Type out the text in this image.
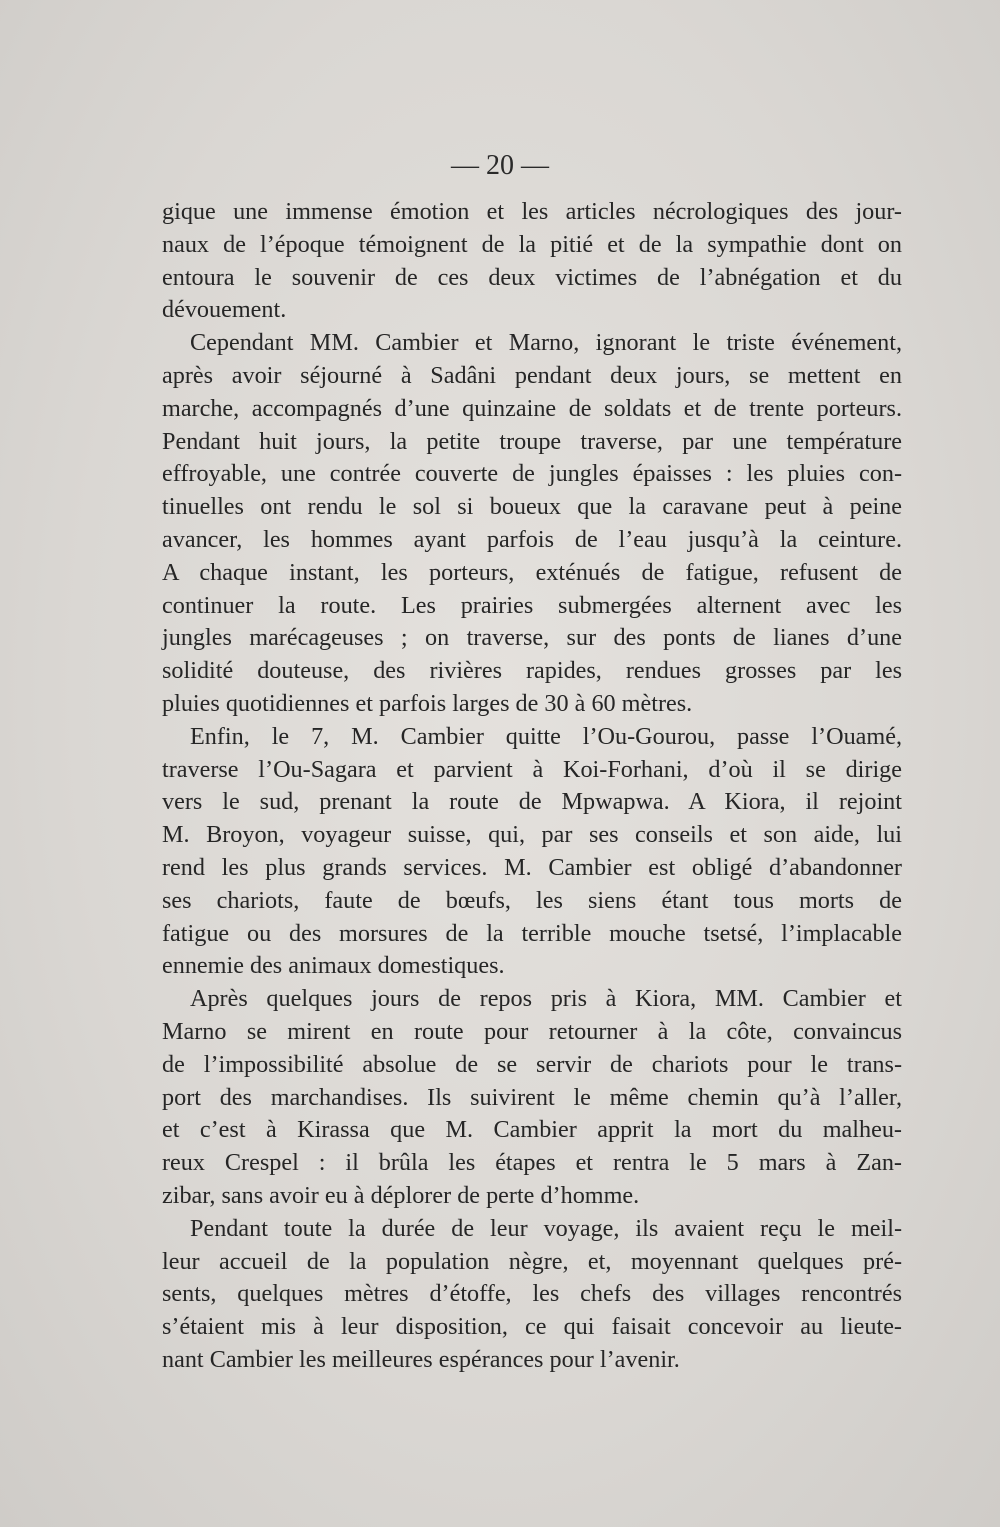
— 20 —
gique une immense émotion et les articles nécrologiques des jour-
naux de l’époque témoignent de la pitié et de la sympathie dont on
entoura le souvenir de ces deux victimes de l’abnégation et du
dévouement.
Cependant MM. Cambier et Marno, ignorant le triste événement,
après avoir séjourné à Sadâni pendant deux jours, se mettent en
marche, accompagnés d’une quinzaine de soldats et de trente porteurs.
Pendant huit jours, la petite troupe traverse, par une température
effroyable, une contrée couverte de jungles épaisses : les pluies con-
tinuelles ont rendu le sol si boueux que la caravane peut à peine
avancer, les hommes ayant parfois de l’eau jusqu’à la ceinture.
A chaque instant, les porteurs, exténués de fatigue, refusent de
continuer la route. Les prairies submergées alternent avec les
jungles marécageuses ; on traverse, sur des ponts de lianes d’une
solidité douteuse, des rivières rapides, rendues grosses par les
pluies quotidiennes et parfois larges de 30 à 60 mètres.
Enfin, le 7, M. Cambier quitte l’Ou-Gourou, passe l’Ouamé,
traverse l’Ou-Sagara et parvient à Koi-Forhani, d’où il se dirige
vers le sud, prenant la route de Mpwapwa. A Kiora, il rejoint
M. Broyon, voyageur suisse, qui, par ses conseils et son aide, lui
rend les plus grands services. M. Cambier est obligé d’abandonner
ses chariots, faute de bœufs, les siens étant tous morts de
fatigue ou des morsures de la terrible mouche tsetsé, l’implacable
ennemie des animaux domestiques.
Après quelques jours de repos pris à Kiora, MM. Cambier et
Marno se mirent en route pour retourner à la côte, convaincus
de l’impossibilité absolue de se servir de chariots pour le trans-
port des marchandises. Ils suivirent le même chemin qu’à l’aller,
et c’est à Kirassa que M. Cambier apprit la mort du malheu-
reux Crespel : il brûla les étapes et rentra le 5 mars à Zan-
zibar, sans avoir eu à déplorer de perte d’homme.
Pendant toute la durée de leur voyage, ils avaient reçu le meil-
leur accueil de la population nègre, et, moyennant quelques pré-
sents, quelques mètres d’étoffe, les chefs des villages rencontrés
s’étaient mis à leur disposition, ce qui faisait concevoir au lieute-
nant Cambier les meilleures espérances pour l’avenir.
